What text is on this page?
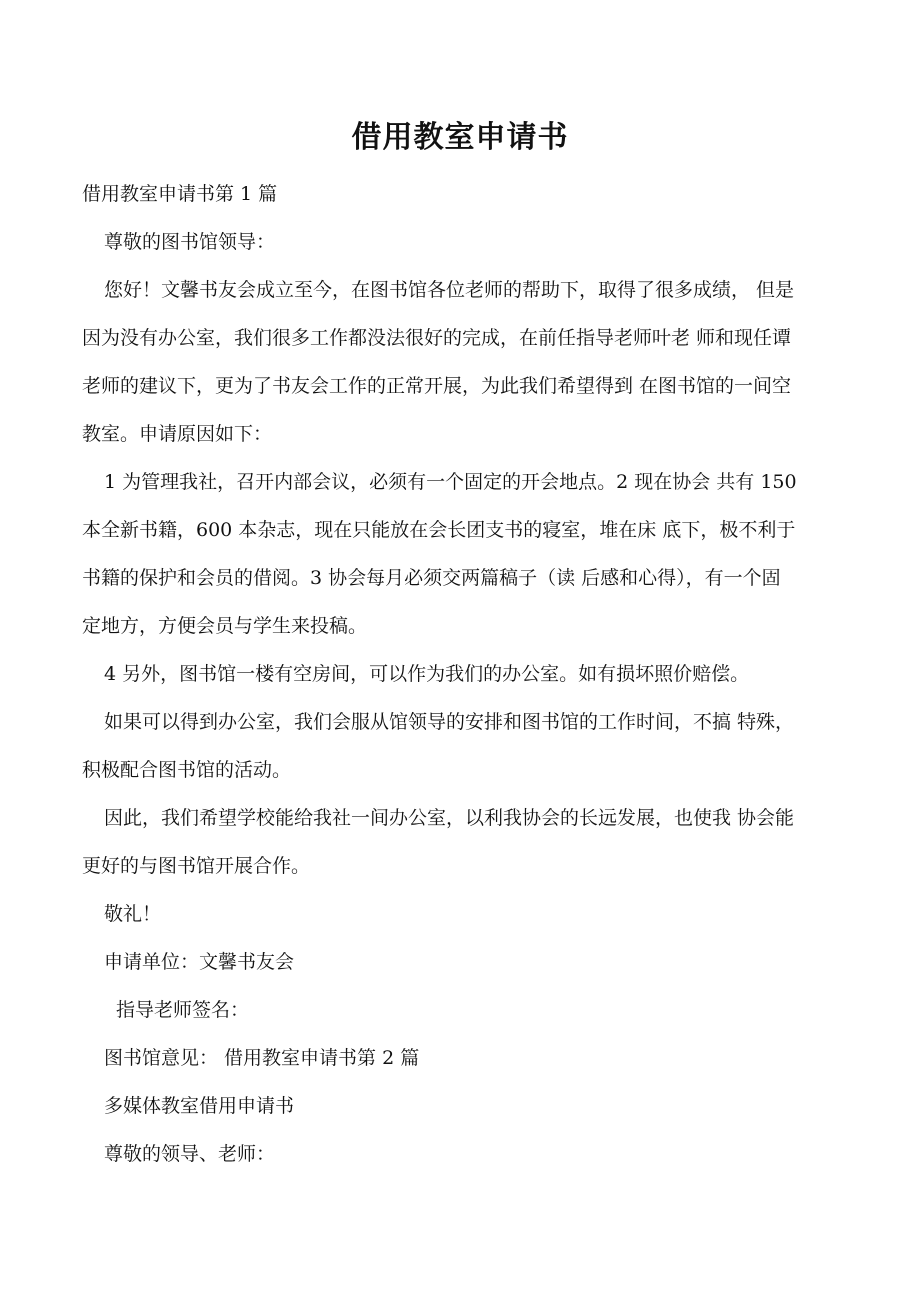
借用教室申请书
借用教室申请书第 1 篇
尊敬的图书馆领导：
您好！文馨书友会成立至今，在图书馆各位老师的帮助下，取得了很多成绩， 但是
因为没有办公室，我们很多工作都没法很好的完成，在前任指导老师叶老 师和现任谭
老师的建议下，更为了书友会工作的正常开展，为此我们希望得到 在图书馆的一间空
教室。申请原因如下：
1 为管理我社，召开内部会议，必须有一个固定的开会地点。2 现在协会 共有 150
本全新书籍，600 本杂志，现在只能放在会长团支书的寝室，堆在床 底下，极不利于
书籍的保护和会员的借阅。3 协会每月必须交两篇稿子（读 后感和心得），有一个固
定地方，方便会员与学生来投稿。
4 另外，图书馆一楼有空房间，可以作为我们的办公室。如有损坏照价赔偿。
如果可以得到办公室，我们会服从馆领导的安排和图书馆的工作时间，不搞 特殊，
积极配合图书馆的活动。
因此，我们希望学校能给我社一间办公室，以利我协会的长远发展，也使我 协会能
更好的与图书馆开展合作。
敬礼！
申请单位：文馨书友会
指导老师签名：
图书馆意见： 借用教室申请书第 2 篇
多媒体教室借用申请书
尊敬的领导、老师：
